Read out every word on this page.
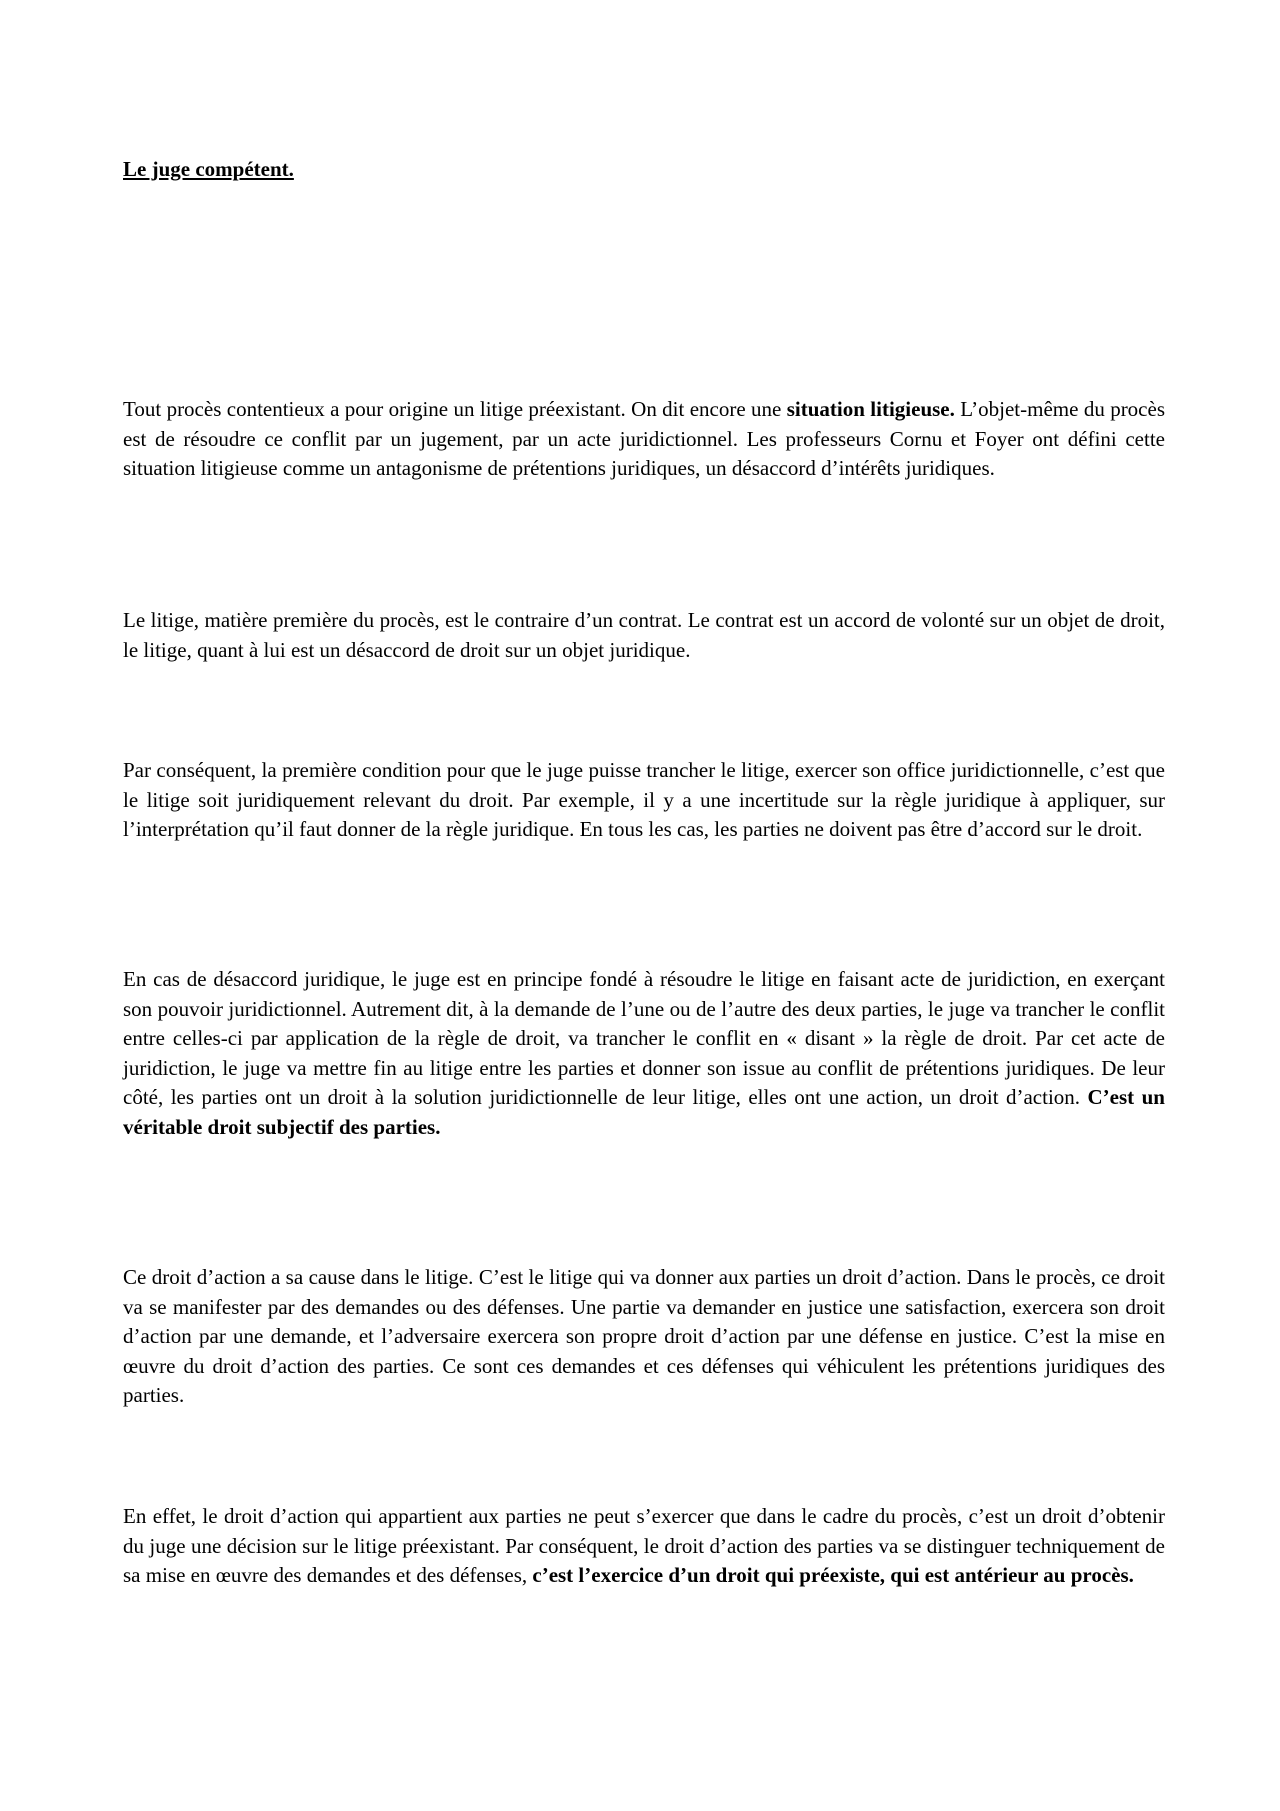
Le juge compétent.

Tout procès contentieux a pour origine un litige préexistant. On dit encore une situation litigieuse. L’objet-même du procès est de résoudre ce conflit par un jugement, par un acte juridictionnel. Les professeurs Cornu et Foyer ont défini cette situation litigieuse comme un antagonisme de prétentions juridiques, un désaccord d’intérêts juridiques.

Le litige, matière première du procès, est le contraire d’un contrat. Le contrat est un accord de volonté sur un objet de droit, le litige, quant à lui est un désaccord de droit sur un objet juridique.

Par conséquent, la première condition pour que le juge puisse trancher le litige, exercer son office juridictionnelle, c’est que le litige soit juridiquement relevant du droit. Par exemple, il y a une incertitude sur la règle juridique à appliquer, sur l’interprétation qu’il faut donner de la règle juridique. En tous les cas, les parties ne doivent pas être d’accord sur le droit.

En cas de désaccord juridique, le juge est en principe fondé à résoudre le litige en faisant acte de juridiction, en exerçant son pouvoir juridictionnel. Autrement dit, à la demande de l’une ou de l’autre des deux parties, le juge va trancher le conflit entre celles-ci par application de la règle de droit, va trancher le conflit en « disant » la règle de droit. Par cet acte de juridiction, le juge va mettre fin au litige entre les parties et donner son issue au conflit de prétentions juridiques. De leur côté, les parties ont un droit à la solution juridictionnelle de leur litige, elles ont une action, un droit d’action. C’est un véritable droit subjectif des parties.

Ce droit d’action a sa cause dans le litige. C’est le litige qui va donner aux parties un droit d’action. Dans le procès, ce droit va se manifester par des demandes ou des défenses. Une partie va demander en justice une satisfaction, exercera son droit d’action par une demande, et l’adversaire exercera son propre droit d’action par une défense en justice. C’est la mise en œuvre du droit d’action des parties. Ce sont ces demandes et ces défenses qui véhiculent les prétentions juridiques des parties.

En effet, le droit d’action qui appartient aux parties ne peut s’exercer que dans le cadre du procès, c’est un droit d’obtenir du juge une décision sur le litige préexistant. Par conséquent, le droit d’action des parties va se distinguer techniquement de sa mise en œuvre des demandes et des défenses, c’est l’exercice d’un droit qui préexiste, qui est antérieur au procès.
